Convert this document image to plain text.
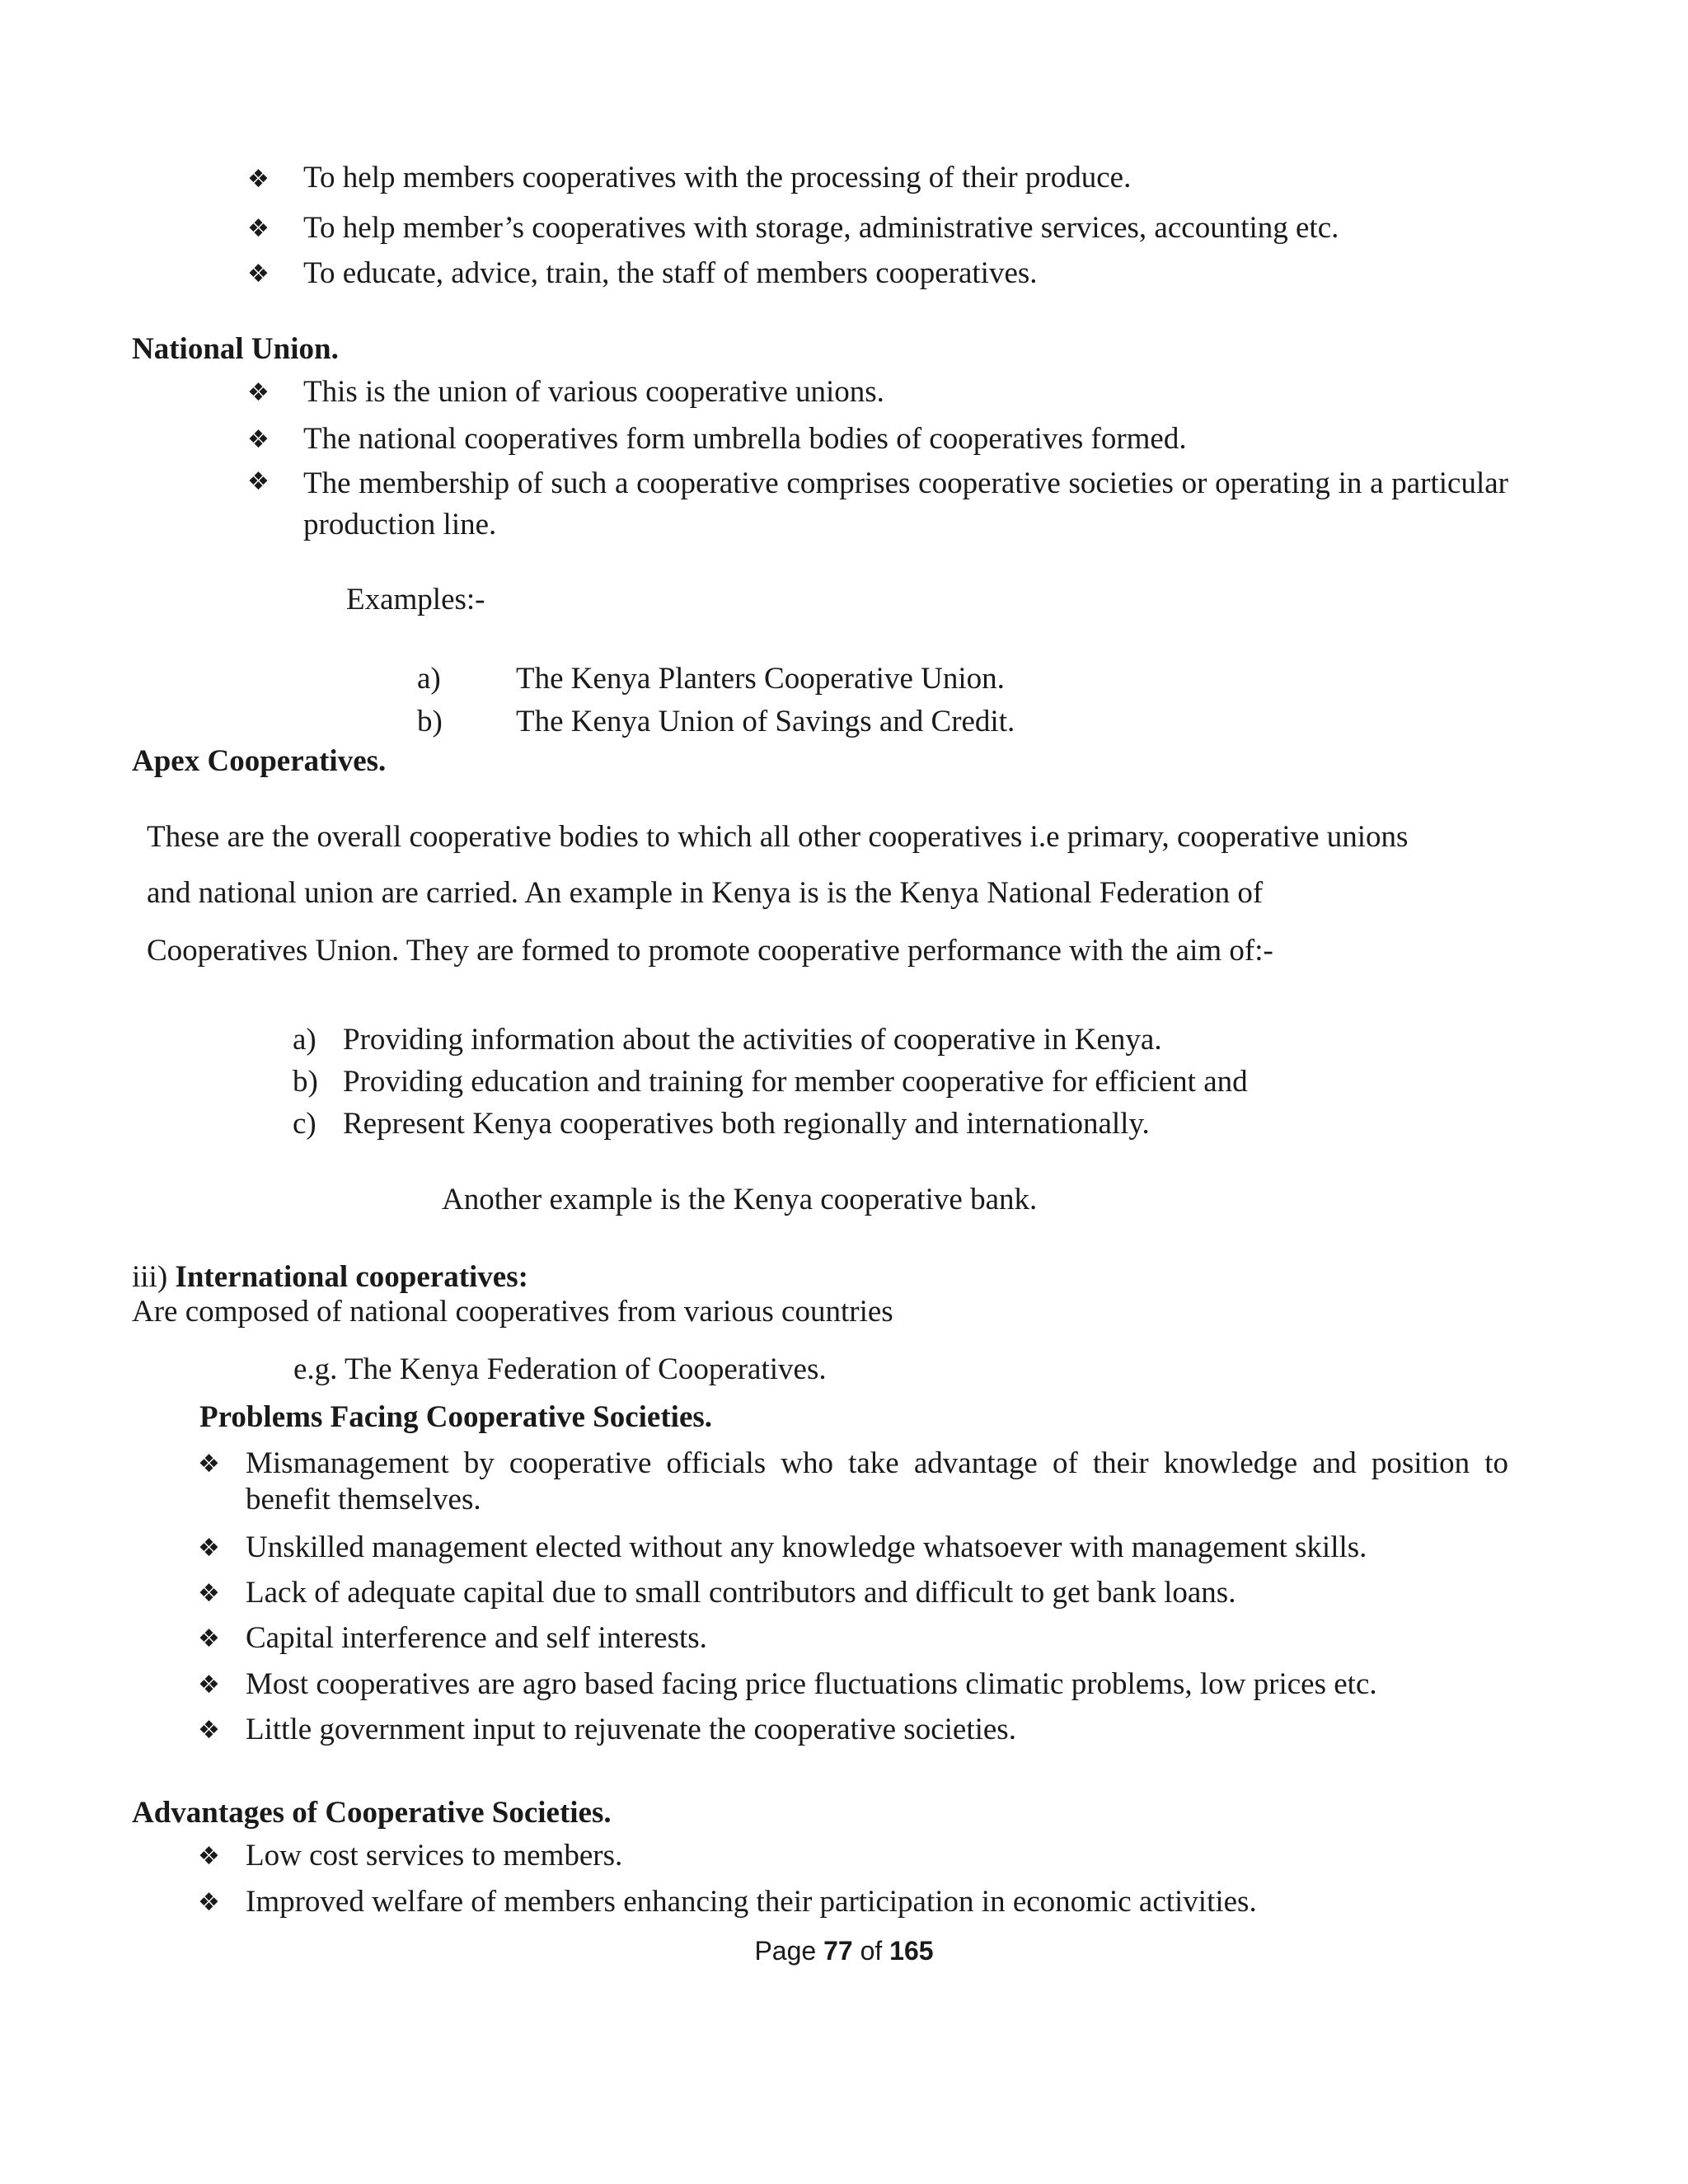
❖ To help members cooperatives with the processing of their produce.
❖ To help member’s cooperatives with storage, administrative services, accounting etc.
❖ To educate, advice, train, the staff of members cooperatives.
National Union.
❖ This is the union of various cooperative unions.
❖ The national cooperatives form umbrella bodies of cooperatives formed.
❖ The membership of such a cooperative comprises cooperative societies or operating in a particular production line.
Examples:-
a) The Kenya Planters Cooperative Union.
b) The Kenya Union of Savings and Credit.
Apex Cooperatives.
These are the overall cooperative bodies to which all other cooperatives i.e primary, cooperative unions
and national union are carried. An example in Kenya is is the Kenya National Federation of
Cooperatives Union. They are formed to promote cooperative performance with the aim of:-
a) Providing information about the activities of cooperative in Kenya.
b) Providing education and training for member cooperative for efficient and
c) Represent Kenya cooperatives both regionally and internationally.
Another example is the Kenya cooperative bank.
iii) International cooperatives:
Are composed of national cooperatives from various countries
e.g. The Kenya Federation of Cooperatives.
Problems Facing Cooperative Societies.
❖ Mismanagement by cooperative officials who take advantage of their knowledge and position to benefit themselves.
❖ Unskilled management elected without any knowledge whatsoever with management skills.
❖ Lack of adequate capital due to small contributors and difficult to get bank loans.
❖ Capital interference and self interests.
❖ Most cooperatives are agro based facing price fluctuations climatic problems, low prices etc.
❖ Little government input to rejuvenate the cooperative societies.
Advantages of Cooperative Societies.
❖ Low cost services to members.
❖ Improved welfare of members enhancing their participation in economic activities.
Page 77 of 165
